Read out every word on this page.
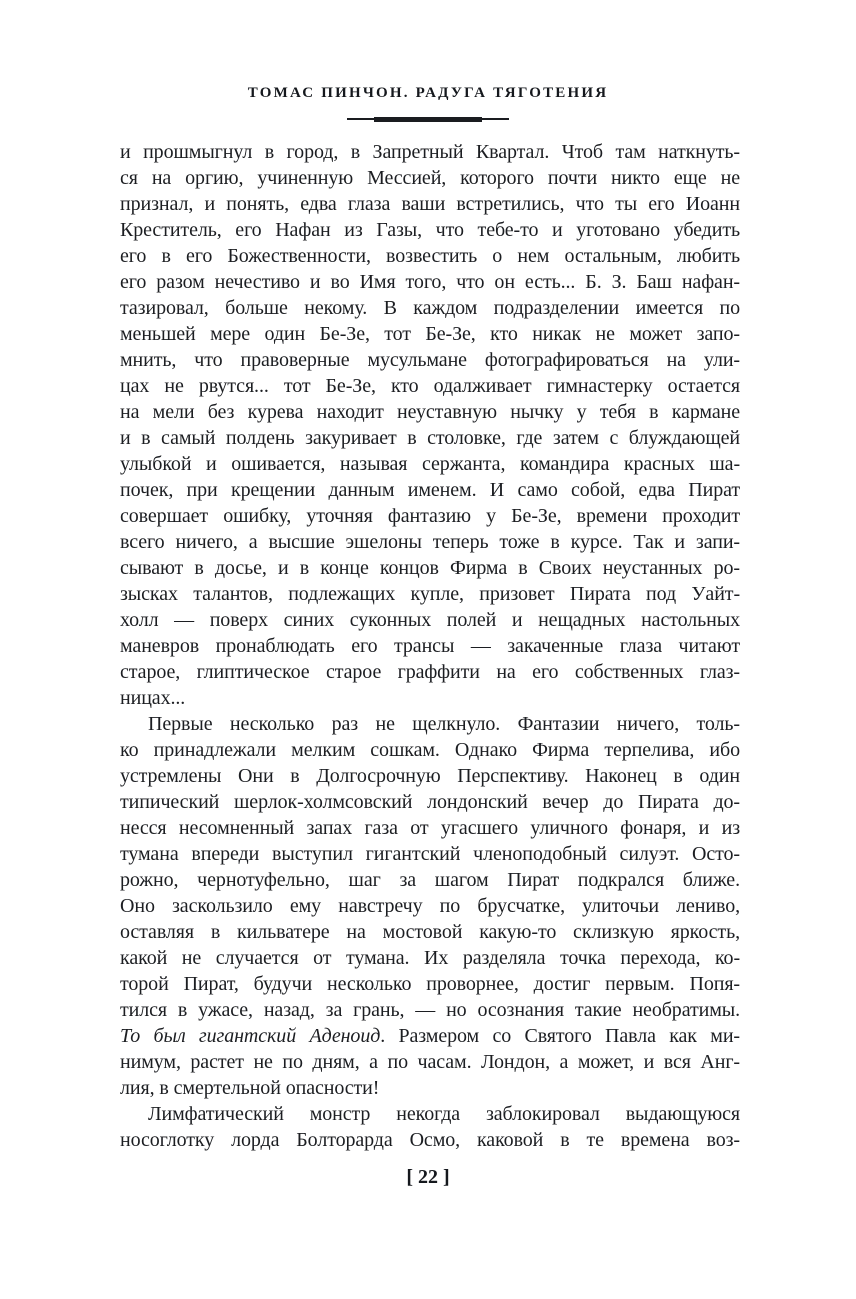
ТОМАС ПИНЧОН. РАДУГА ТЯГОТЕНИЯ
и прошмыгнул в город, в Запретный Квартал. Чтоб там наткнуть-
ся на оргию, учиненную Мессией, которого почти никто еще не
признал, и понять, едва глаза ваши встретились, что ты его Иоанн
Креститель, его Нафан из Газы, что тебе-то и уготовано убедить
его в его Божественности, возвестить о нем остальным, любить
его разом нечестиво и во Имя того, что он есть... Б. З. Баш нафан-
тазировал, больше некому. В каждом подразделении имеется по
меньшей мере один Бе-Зе, тот Бе-Зе, кто никак не может запо-
мнить, что правоверные мусульмане фотографироваться на ули-
цах не рвутся... тот Бе-Зе, кто одалживает гимнастерку остается
на мели без курева находит неуставную нычку у тебя в кармане
и в самый полдень закуривает в столовке, где затем с блуждающей
улыбкой и ошивается, называя сержанта, командира красных ша-
почек, при крещении данным именем. И само собой, едва Пират
совершает ошибку, уточняя фантазию у Бе-Зе, времени проходит
всего ничего, а высшие эшелоны теперь тоже в курсе. Так и запи-
сывают в досье, и в конце концов Фирма в Своих неустанных ро-
зысках талантов, подлежащих купле, призовет Пирата под Уайт-
холл — поверх синих суконных полей и нещадных настольных
маневров пронаблюдать его трансы — закаченные глаза читают
старое, глиптическое старое граффити на его собственных глаз-
ницах...
Первые несколько раз не щелкнуло. Фантазии ничего, толь-
ко принадлежали мелким сошкам. Однако Фирма терпелива, ибо
устремлены Они в Долгосрочную Перспективу. Наконец в один
типический шерлок-холмсовский лондонский вечер до Пирата до-
несся несомненный запах газа от угасшего уличного фонаря, и из
тумана впереди выступил гигантский членоподобный силуэт. Осто-
рожно, чернотуфельно, шаг за шагом Пират подкрался ближе.
Оно заскользило ему навстречу по брусчатке, улиточьи лениво,
оставляя в кильватере на мостовой какую-то склизкую яркость,
какой не случается от тумана. Их разделяла точка перехода, ко-
торой Пират, будучи несколько проворнее, достиг первым. Попя-
тился в ужасе, назад, за грань, — но осознания такие необратимы.
То был гигантский Аденоид. Размером со Святого Павла как ми-
нимум, растет не по дням, а по часам. Лондон, а может, и вся Анг-
лия, в смертельной опасности!
Лимфатический монстр некогда заблокировал выдающуюся
носоглотку лорда Болторарда Осмо, каковой в те времена воз-
[ 22 ]
